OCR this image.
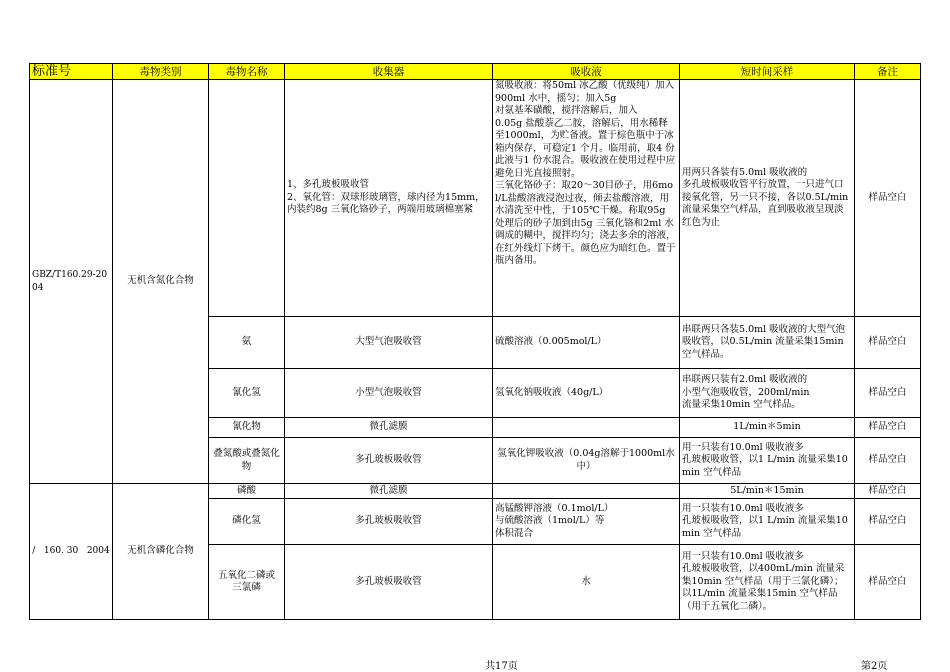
标准号	毒物类别	毒物名称	收集器	吸收液	短时间采样	备注
GBZ/T160.29-2004	无机含氮化合物		1、多孔玻板吸收管
2、氧化管：双球形玻璃管，球内径为15mm，内装约8g 三氧化铬砂子，两端用玻璃棉塞紧	氮吸收液：将50ml 冰乙酸（优级纯）加入900ml 水中，摇匀；加入5g
对氨基苯磺酸，搅拌溶解后，加入
0.05g 盐酸萘乙二胺，溶解后，用水稀释至1000ml，为贮备液。置于棕色瓶中于冰箱内保存，可稳定1 个月。临用前，取4 份此液与1 份水混合。吸收液在使用过程中应避免日光直接照射。
三氧化铬砂子：取20～30目砂子，用6mol/L盐酸溶液浸泡过夜，倾去盐酸溶液，用水清洗至中性，于105℃干燥。称取95g 处理后的砂子加到由5g 三氧化铬和2ml 水调成的糊中，搅拌均匀；浇去多余的溶液，在红外线灯下烤干。颜色应为暗红色。置于瓶内备用。	用两只各装有5.0ml 吸收液的
多孔玻板吸收管平行放置，一只进气口接氧化管，另一只不接，各以0.5L/min 流量采集空气样品，直到吸收液呈现淡红色为止	样品空白
		氨	大型气泡吸收管	硫酸溶液（0.005mol/L）	串联两只各装5.0ml 吸收液的大型气泡吸收管，以0.5L/min 流量采集15min 空气样品。	样品空白
		氰化氢	小型气泡吸收管	氢氧化钠吸收液（40g/L）	串联两只装有2.0ml 吸收液的
小型气泡吸收管，200ml/min
流量采集10min 空气样品。	样品空白
		氰化物	微孔滤膜		1L/min＊5min	样品空白
		叠氮酸或叠氮化
物	多孔玻板吸收管	氢氧化钾吸收液（0.04g溶解于1000ml水中）	用一只装有10.0ml 吸收液多
孔玻板吸收管，以1 L/min 流量采集10min 空气样品	样品空白
/   160. 30   2004	无机含磷化合物	磷酸	微孔滤膜		5L/min＊15min	样品空白
		磷化氢	多孔玻板吸收管	高锰酸钾溶液（0.1mol/L）
与硫酸溶液（1mol/L）等
体积混合	用一只装有10.0ml 吸收液多
孔玻板吸收管，以1 L/min 流量采集10min 空气样品	样品空白
		五氧化二磷或
三氯磷	多孔玻板吸收管	水	用一只装有10.0ml 吸收液多
孔玻板吸收管，以400mL/min 流量采集10min 空气样品（用于三氯化磷）；以1L/min 流量采集15min 空气样品（用于五氧化二磷）。	样品空白
共17页	第2页
